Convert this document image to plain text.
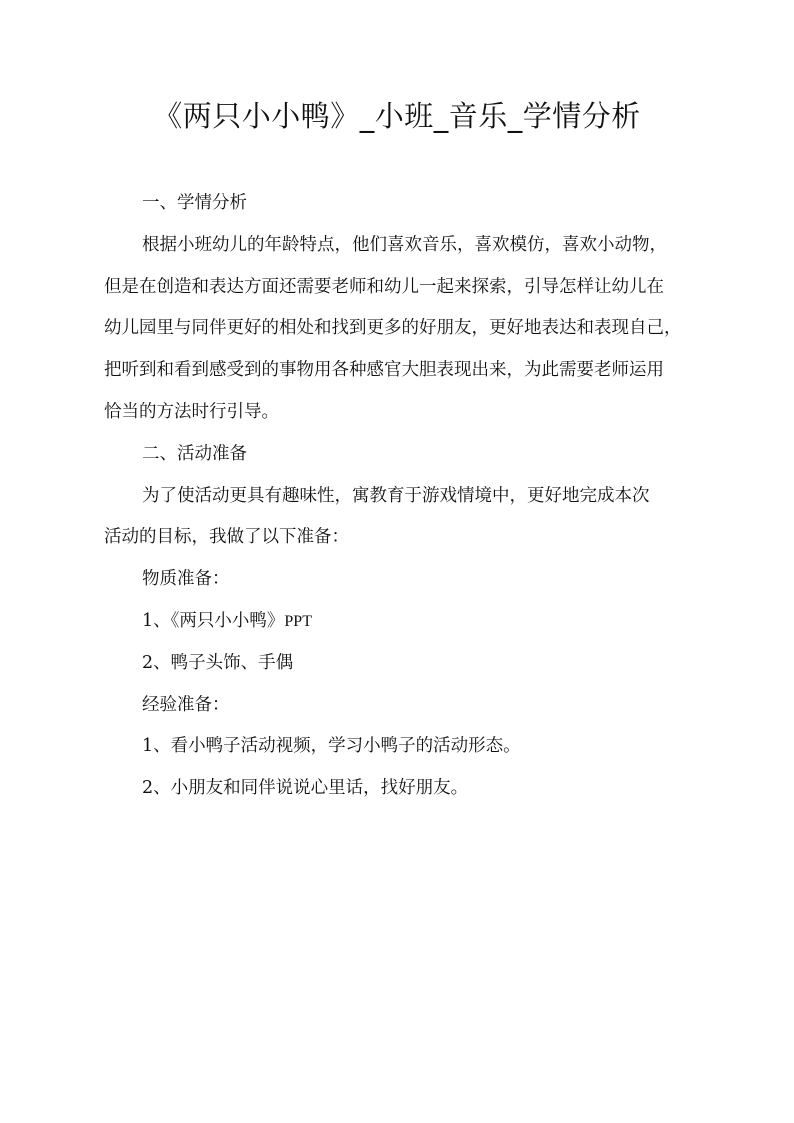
《两只小小鸭》_小班_音乐_学情分析
一、学情分析
根据小班幼儿的年龄特点，他们喜欢音乐，喜欢模仿，喜欢小动物，
但是在创造和表达方面还需要老师和幼儿一起来探索，引导怎样让幼儿在
幼儿园里与同伴更好的相处和找到更多的好朋友，更好地表达和表现自己，
把听到和看到感受到的事物用各种感官大胆表现出来，为此需要老师运用
恰当的方法时行引导。
二、活动准备
为了使活动更具有趣味性，寓教育于游戏情境中，更好地完成本次
活动的目标，我做了以下准备：
物质准备：
1、《两只小小鸭》PPT
2、鸭子头饰、手偶
经验准备：
1、看小鸭子活动视频，学习小鸭子的活动形态。
2、小朋友和同伴说说心里话，找好朋友。
